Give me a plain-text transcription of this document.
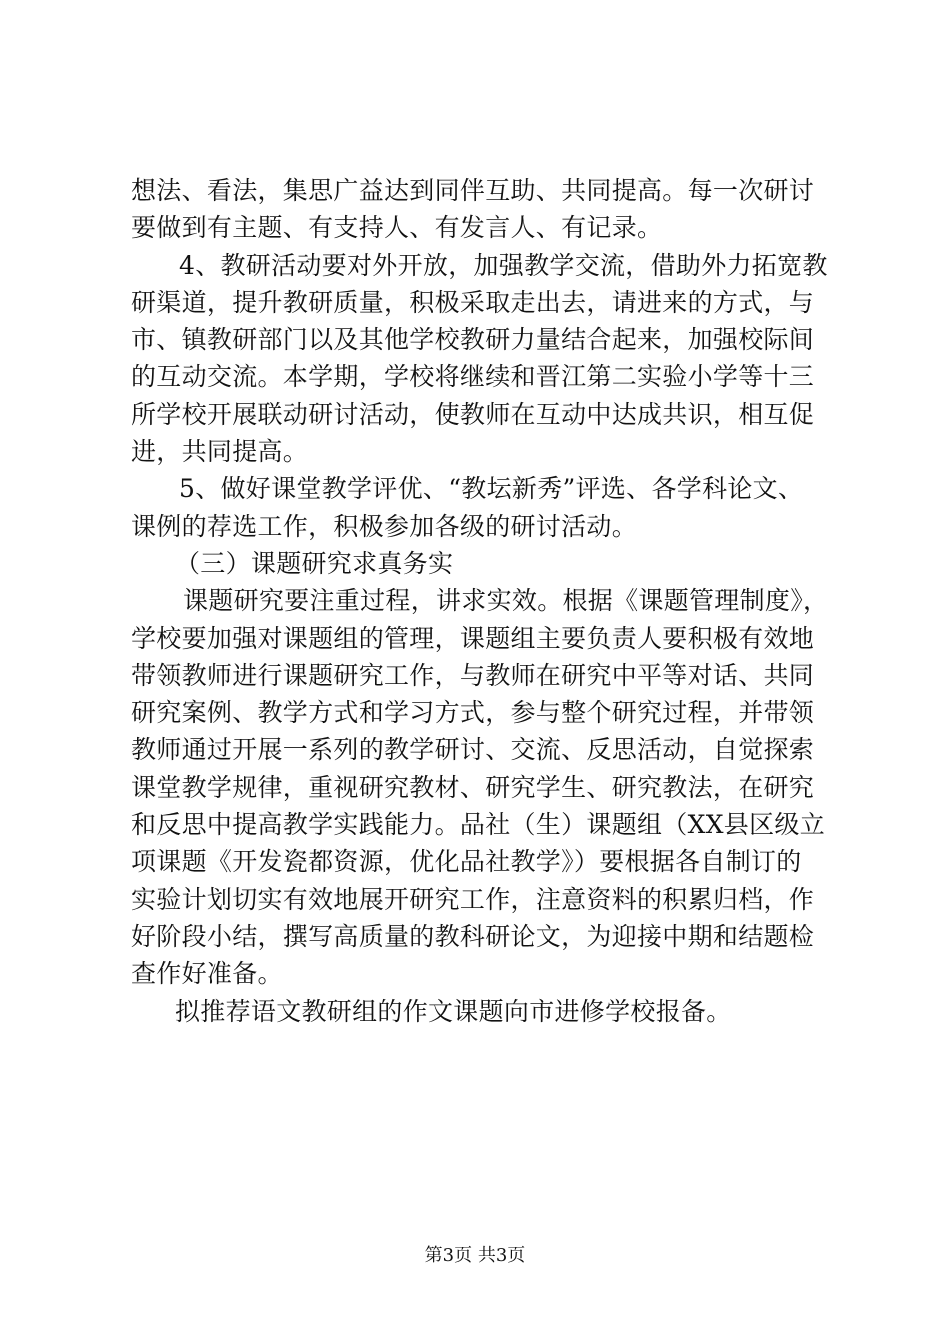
想法、看法，集思广益达到同伴互助、共同提高。每一次研讨
要做到有主题、有支持人、有发言人、有记录。
4、教研活动要对外开放，加强教学交流，借助外力拓宽教
研渠道，提升教研质量，积极采取走出去，请进来的方式，与
市、镇教研部门以及其他学校教研力量结合起来，加强校际间
的互动交流。本学期，学校将继续和晋江第二实验小学等十三
所学校开展联动研讨活动，使教师在互动中达成共识，相互促
进，共同提高。
5、做好课堂教学评优、“教坛新秀”评选、各学科论文、
课例的荐选工作，积极参加各级的研讨活动。
（三）课题研究求真务实
课题研究要注重过程，讲求实效。根据《课题管理制度》，
学校要加强对课题组的管理，课题组主要负责人要积极有效地
带领教师进行课题研究工作，与教师在研究中平等对话、共同
研究案例、教学方式和学习方式，参与整个研究过程，并带领
教师通过开展一系列的教学研讨、交流、反思活动，自觉探索
课堂教学规律，重视研究教材、研究学生、研究教法，在研究
和反思中提高教学实践能力。品社（生）课题组（XX县区级立
项课题《开发瓷都资源，优化品社教学》）要根据各自制订的
实验计划切实有效地展开研究工作，注意资料的积累归档，作
好阶段小结，撰写高质量的教科研论文，为迎接中期和结题检
查作好准备。
拟推荐语文教研组的作文课题向市进修学校报备。
第3页 共3页
